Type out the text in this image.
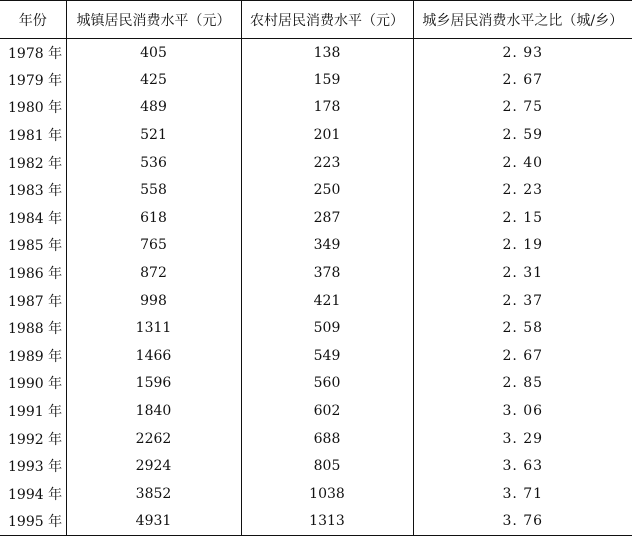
年份	城镇居民消费水平（元）	农村居民消费水平（元）	城乡居民消费水平之比（城/乡）
1978 年	405	138	2. 93
1979 年	425	159	2. 67
1980 年	489	178	2. 75
1981 年	521	201	2. 59
1982 年	536	223	2. 40
1983 年	558	250	2. 23
1984 年	618	287	2. 15
1985 年	765	349	2. 19
1986 年	872	378	2. 31
1987 年	998	421	2. 37
1988 年	1311	509	2. 58
1989 年	1466	549	2. 67
1990 年	1596	560	2. 85
1991 年	1840	602	3. 06
1992 年	2262	688	3. 29
1993 年	2924	805	3. 63
1994 年	3852	1038	3. 71
1995 年	4931	1313	3. 76
